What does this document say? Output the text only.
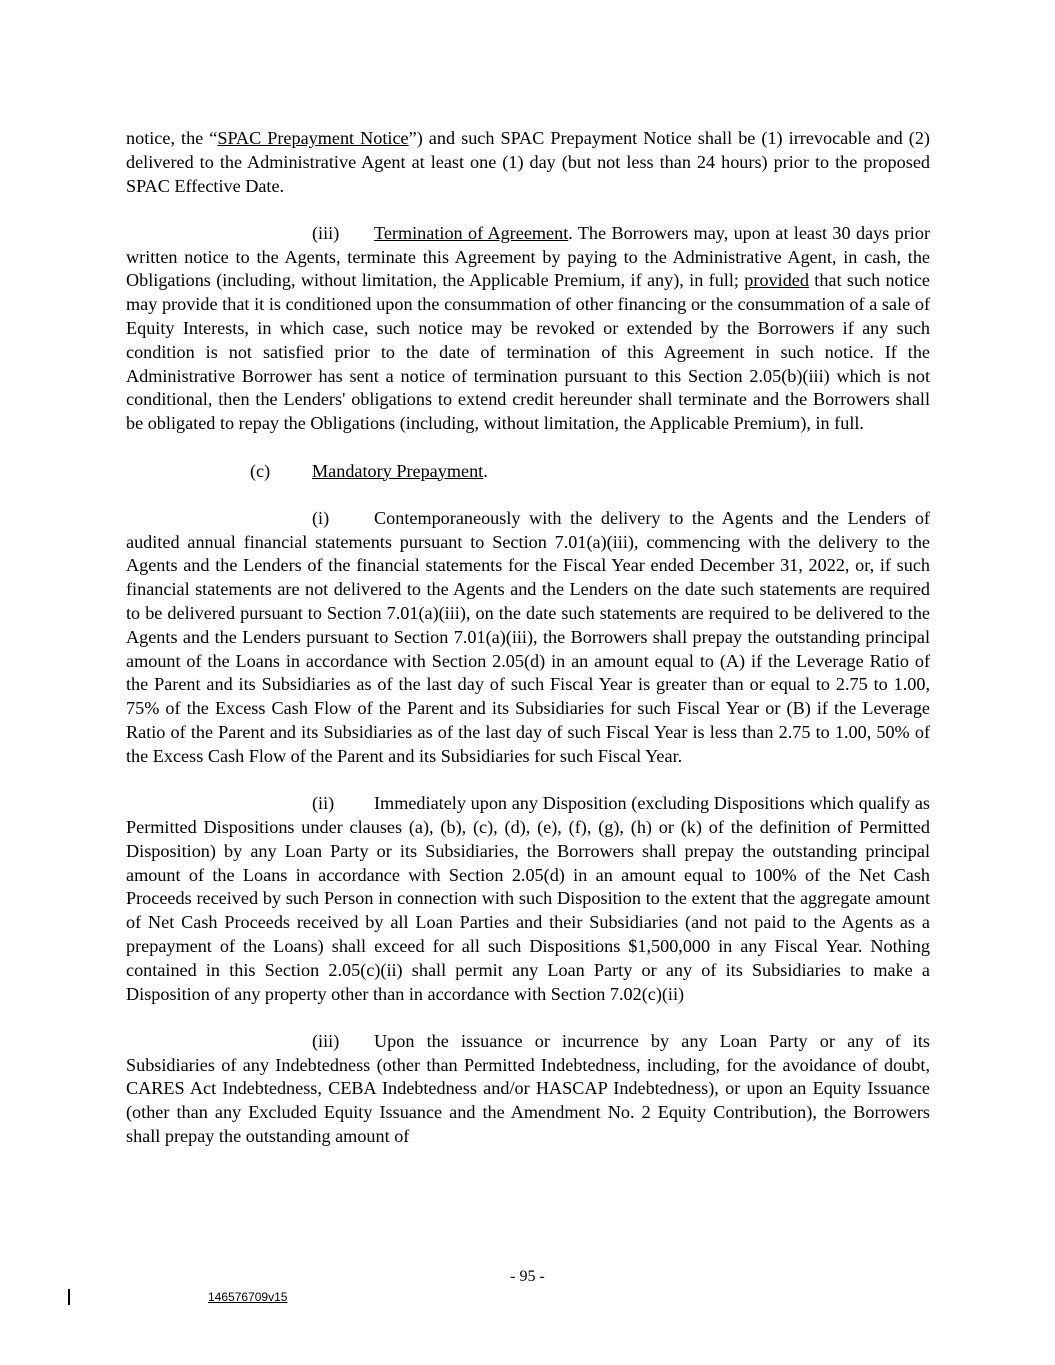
notice, the “SPAC Prepayment Notice”) and such SPAC Prepayment Notice shall be (1) irrevocable and (2) delivered to the Administrative Agent at least one (1) day (but not less than 24 hours) prior to the proposed SPAC Effective Date.

(iii) Termination of Agreement. The Borrowers may, upon at least 30 days prior written notice to the Agents, terminate this Agreement by paying to the Administrative Agent, in cash, the Obligations (including, without limitation, the Applicable Premium, if any), in full; provided that such notice may provide that it is conditioned upon the consummation of other financing or the consummation of a sale of Equity Interests, in which case, such notice may be revoked or extended by the Borrowers if any such condition is not satisfied prior to the date of termination of this Agreement in such notice. If the Administrative Borrower has sent a notice of termination pursuant to this Section 2.05(b)(iii) which is not conditional, then the Lenders' obligations to extend credit hereunder shall terminate and the Borrowers shall be obligated to repay the Obligations (including, without limitation, the Applicable Premium), in full.

(c) Mandatory Prepayment.

(i) Contemporaneously with the delivery to the Agents and the Lenders of audited annual financial statements pursuant to Section 7.01(a)(iii), commencing with the delivery to the Agents and the Lenders of the financial statements for the Fiscal Year ended December 31, 2022, or, if such financial statements are not delivered to the Agents and the Lenders on the date such statements are required to be delivered pursuant to Section 7.01(a)(iii), on the date such statements are required to be delivered to the Agents and the Lenders pursuant to Section 7.01(a)(iii), the Borrowers shall prepay the outstanding principal amount of the Loans in accordance with Section 2.05(d) in an amount equal to (A) if the Leverage Ratio of the Parent and its Subsidiaries as of the last day of such Fiscal Year is greater than or equal to 2.75 to 1.00, 75% of the Excess Cash Flow of the Parent and its Subsidiaries for such Fiscal Year or (B) if the Leverage Ratio of the Parent and its Subsidiaries as of the last day of such Fiscal Year is less than 2.75 to 1.00, 50% of the Excess Cash Flow of the Parent and its Subsidiaries for such Fiscal Year.

(ii) Immediately upon any Disposition (excluding Dispositions which qualify as Permitted Dispositions under clauses (a), (b), (c), (d), (e), (f), (g), (h) or (k) of the definition of Permitted Disposition) by any Loan Party or its Subsidiaries, the Borrowers shall prepay the outstanding principal amount of the Loans in accordance with Section 2.05(d) in an amount equal to 100% of the Net Cash Proceeds received by such Person in connection with such Disposition to the extent that the aggregate amount of Net Cash Proceeds received by all Loan Parties and their Subsidiaries (and not paid to the Agents as a prepayment of the Loans) shall exceed for all such Dispositions $1,500,000 in any Fiscal Year. Nothing contained in this Section 2.05(c)(ii) shall permit any Loan Party or any of its Subsidiaries to make a Disposition of any property other than in accordance with Section 7.02(c)(ii)

(iii) Upon the issuance or incurrence by any Loan Party or any of its Subsidiaries of any Indebtedness (other than Permitted Indebtedness, including, for the avoidance of doubt, CARES Act Indebtedness, CEBA Indebtedness and/or HASCAP Indebtedness), or upon an Equity Issuance (other than any Excluded Equity Issuance and the Amendment No. 2 Equity Contribution), the Borrowers shall prepay the outstanding amount of

- 95 -
146576709v15
